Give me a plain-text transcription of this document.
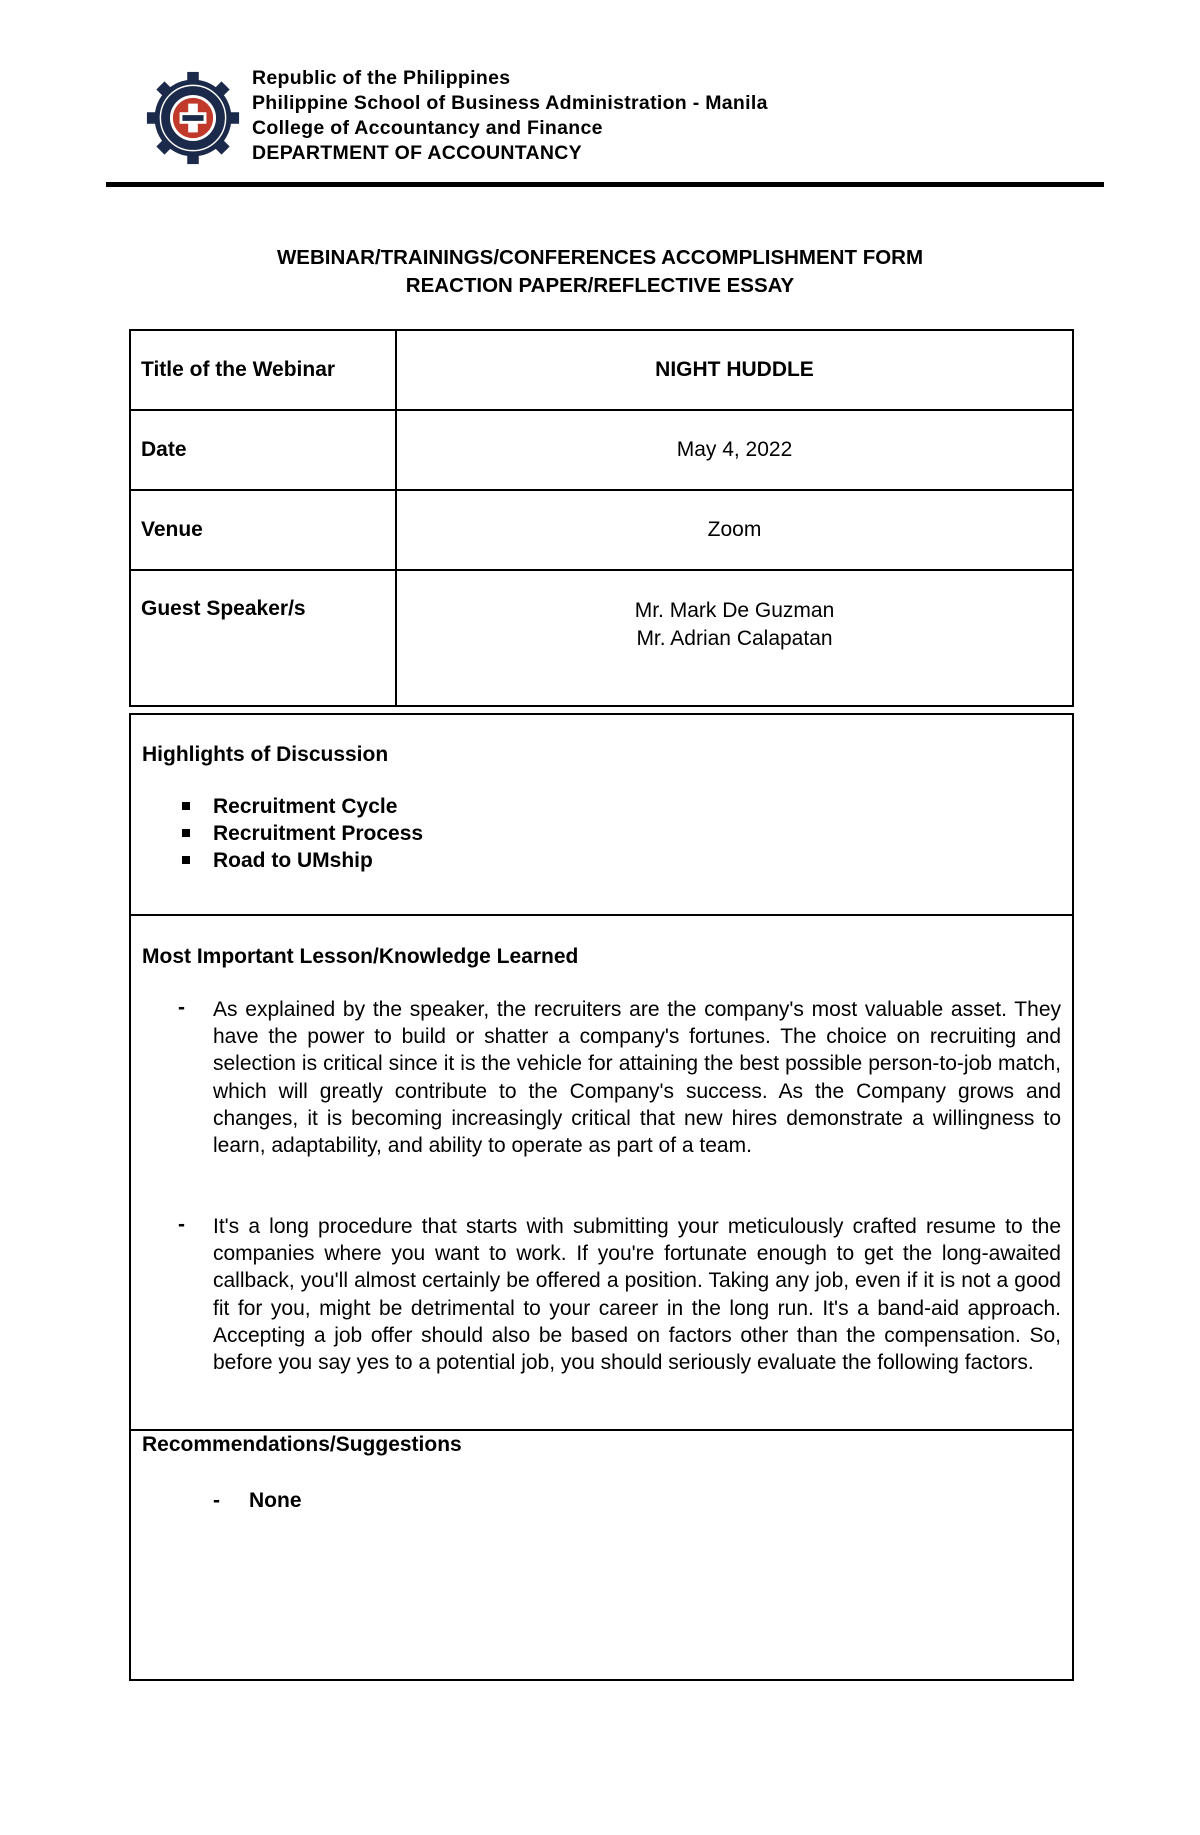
Republic of the Philippines
Philippine School of Business Administration - Manila
College of Accountancy and Finance
DEPARTMENT OF ACCOUNTANCY
WEBINAR/TRAININGS/CONFERENCES ACCOMPLISHMENT FORM
REACTION PAPER/REFLECTIVE ESSAY
Title of the Webinar	NIGHT HUDDLE
Date	May 4, 2022
Venue	Zoom
Guest Speaker/s	Mr. Mark De Guzman
Mr. Adrian Calapatan
Highlights of Discussion
Recruitment Cycle
Recruitment Process
Road to UMship
Most Important Lesson/Knowledge Learned
- As explained by the speaker, the recruiters are the company's most valuable asset. They have the power to build or shatter a company's fortunes. The choice on recruiting and selection is critical since it is the vehicle for attaining the best possible person-to-job match, which will greatly contribute to the Company's success. As the Company grows and changes, it is becoming increasingly critical that new hires demonstrate a willingness to learn, adaptability, and ability to operate as part of a team.
- It's a long procedure that starts with submitting your meticulously crafted resume to the companies where you want to work. If you're fortunate enough to get the long-awaited callback, you'll almost certainly be offered a position. Taking any job, even if it is not a good fit for you, might be detrimental to your career in the long run. It's a band-aid approach. Accepting a job offer should also be based on factors other than the compensation. So, before you say yes to a potential job, you should seriously evaluate the following factors.
Recommendations/Suggestions
- None
